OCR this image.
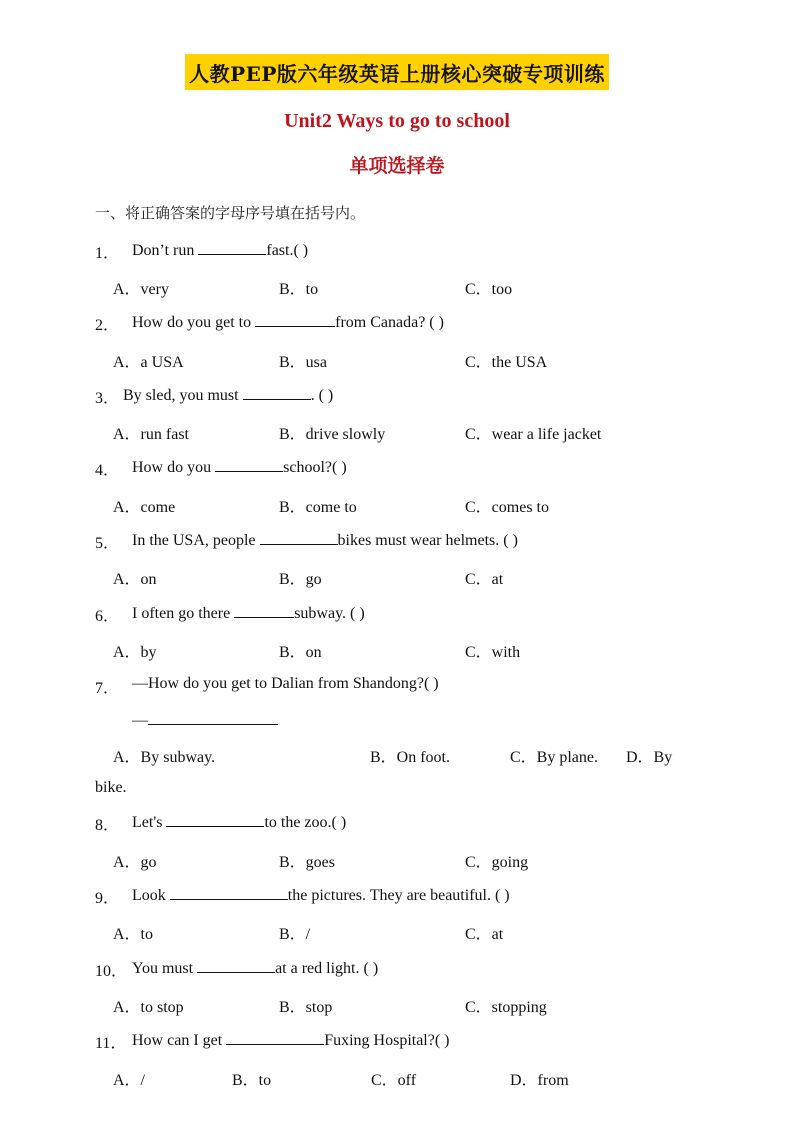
人教PEP版六年级英语上册核心突破专项训练
Unit2 Ways to go to school
单项选择卷
一、将正确答案的字母序号填在括号内。
1． Don’t run	fast.( )
A．very	B．to	C．too
2． How do you get to	from Canada? ( )
A．a USA	B．usa	C．the USA
3． By sled, you must	. ( )
A．run fast	B．drive slowly	C．wear a life jacket
4． How do you	school?( )
A．come	B．come to	C．comes to
5． In the USA, people	bikes must wear helmets. ( )
A．on	B．go	C．at
6． I often go there	subway. ( )
A．by	B．on	C．with
7． —How do you get to Dalian from Shandong?( )
—
A．By subway.	B．On foot.	C．By plane. D．By
bike.
8． Let's	to the zoo.( )
A．go	B．goes	C．going
9． Look	the pictures. They are beautiful. ( )
A．to	B．/	C．at
10． You must	at a red light. ( )
A．to stop	B．stop	C．stopping
11． How can I get	Fuxing Hospital?( )
A．/	B．to	C．off	D．from
